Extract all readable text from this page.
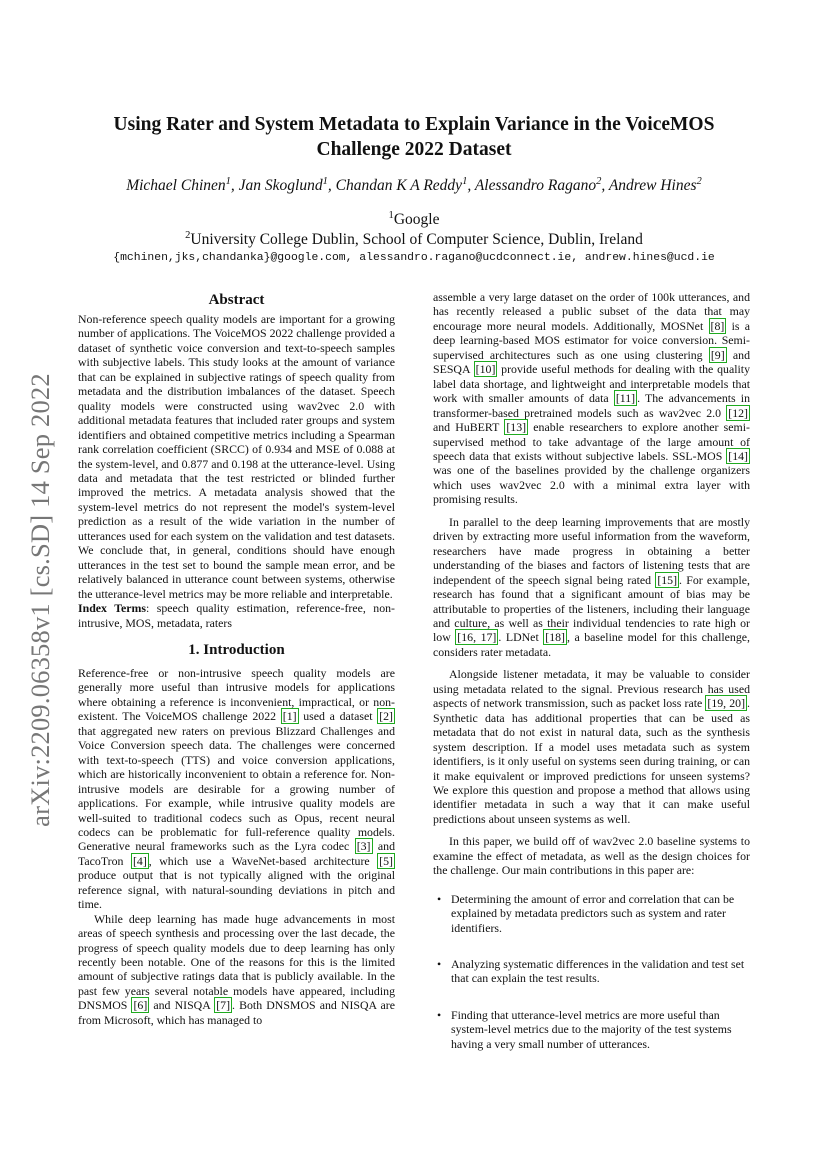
arXiv:2209.06358v1 [cs.SD] 14 Sep 2022
Using Rater and System Metadata to Explain Variance in the VoiceMOS
Challenge 2022 Dataset
Michael Chinen$^1$, Jan Skoglund$^1$, Chandan K A Reddy$^1$, Alessandro Ragano$^2$, Andrew Hines$^2$
$^1$Google
$^2$University College Dublin, School of Computer Science, Dublin, Ireland
{mchinen,jks,chandanka}@google.com, alessandro.ragano@ucdconnect.ie, andrew.hines@ucd.ie
Abstract

Non-reference speech quality models are important for a growing number of applications. The VoiceMOS 2022 challenge provided a dataset of synthetic voice conversion and text-to-speech samples with subjective labels. This study looks at the amount of variance that can be explained in subjective ratings of speech quality from metadata and the distribution imbalances of the dataset. Speech quality models were constructed using wav2vec 2.0 with additional metadata features that included rater groups and system identifiers and obtained competitive metrics including a Spearman rank correlation coefficient (SRCC) of 0.934 and MSE of 0.088 at the system-level, and 0.877 and 0.198 at the utterance-level. Using data and metadata that the test restricted or blinded further improved the metrics. A metadata analysis showed that the system-level metrics do not represent the model's system-level prediction as a result of the wide variation in the number of utterances used for each system on the validation and test datasets. We conclude that, in general, conditions should have enough utterances in the test set to bound the sample mean error, and be relatively balanced in utterance count between systems, otherwise the utterance-level metrics may be more reliable and interpretable.

Index Terms: speech quality estimation, reference-free, non-intrusive, MOS, metadata, raters

1. Introduction

Reference-free or non-intrusive speech quality models are generally more useful than intrusive models for applications where obtaining a reference is inconvenient, impractical, or non-existent. The VoiceMOS challenge 2022 [1] used a dataset [2] that aggregated new raters on previous Blizzard Challenges and Voice Conversion speech data. The challenges were concerned with text-to-speech (TTS) and voice conversion applications, which are historically inconvenient to obtain a reference for. Non-intrusive models are desirable for a growing number of applications. For example, while intrusive quality models are well-suited to traditional codecs such as Opus, recent neural codecs can be problematic for full-reference quality models. Generative neural frameworks such as the Lyra codec [3] and TacoTron [4] , which use a WaveNet-based architecture [5] produce output that is not typically aligned with the original reference signal, with natural-sounding deviations in pitch and time.

While deep learning has made huge advancements in most areas of speech synthesis and processing over the last decade, the progress of speech quality models due to deep learning has only recently been notable. One of the reasons for this is the limited amount of subjective ratings data that is publicly available. In the past few years several notable models have appeared, including DNSMOS [6] and NISQA [7] . Both DNSMOS and NISQA are from Microsoft, which has managed to

assemble a very large dataset on the order of 100k utterances, and has recently released a public subset of the data that may encourage more neural models. Additionally, MOSNet [8] is a deep learning-based MOS estimator for voice conversion. Semi-supervised architectures such as one using clustering [9] and SESQA [10] provide useful methods for dealing with the quality label data shortage, and lightweight and interpretable models that work with smaller amounts of data [11] . The advancements in transformer-based pretrained models such as wav2vec 2.0 [12] and HuBERT [13] enable researchers to explore another semi-supervised method to take advantage of the large amount of speech data that exists without subjective labels. SSL-MOS [14] was one of the baselines provided by the challenge organizers which uses wav2vec 2.0 with a minimal extra layer with promising results.

In parallel to the deep learning improvements that are mostly driven by extracting more useful information from the waveform, researchers have made progress in obtaining a better understanding of the biases and factors of listening tests that are independent of the speech signal being rated [15] . For example, research has found that a significant amount of bias may be attributable to properties of the listeners, including their language and culture, as well as their individual tendencies to rate high or low [16, 17] . LDNet [18] , a baseline model for this challenge, considers rater metadata.

Alongside listener metadata, it may be valuable to consider using metadata related to the signal. Previous research has used aspects of network transmission, such as packet loss rate [19, 20] . Synthetic data has additional properties that can be used as metadata that do not exist in natural data, such as the synthesis system description. If a model uses metadata such as system identifiers, is it only useful on systems seen during training, or can it make equivalent or improved predictions for unseen systems? We explore this question and propose a method that allows using identifier metadata in such a way that it can make useful predictions about unseen systems as well.

In this paper, we build off of wav2vec 2.0 baseline systems to examine the effect of metadata, as well as the design choices for the challenge. Our main contributions in this paper are:

• Determining the amount of error and correlation that can be explained by metadata predictors such as system and rater identifiers.
• Analyzing systematic differences in the validation and test set that can explain the test results.
• Finding that utterance-level metrics are more useful than system-level metrics due to the majority of the test systems having a very small number of utterances.
